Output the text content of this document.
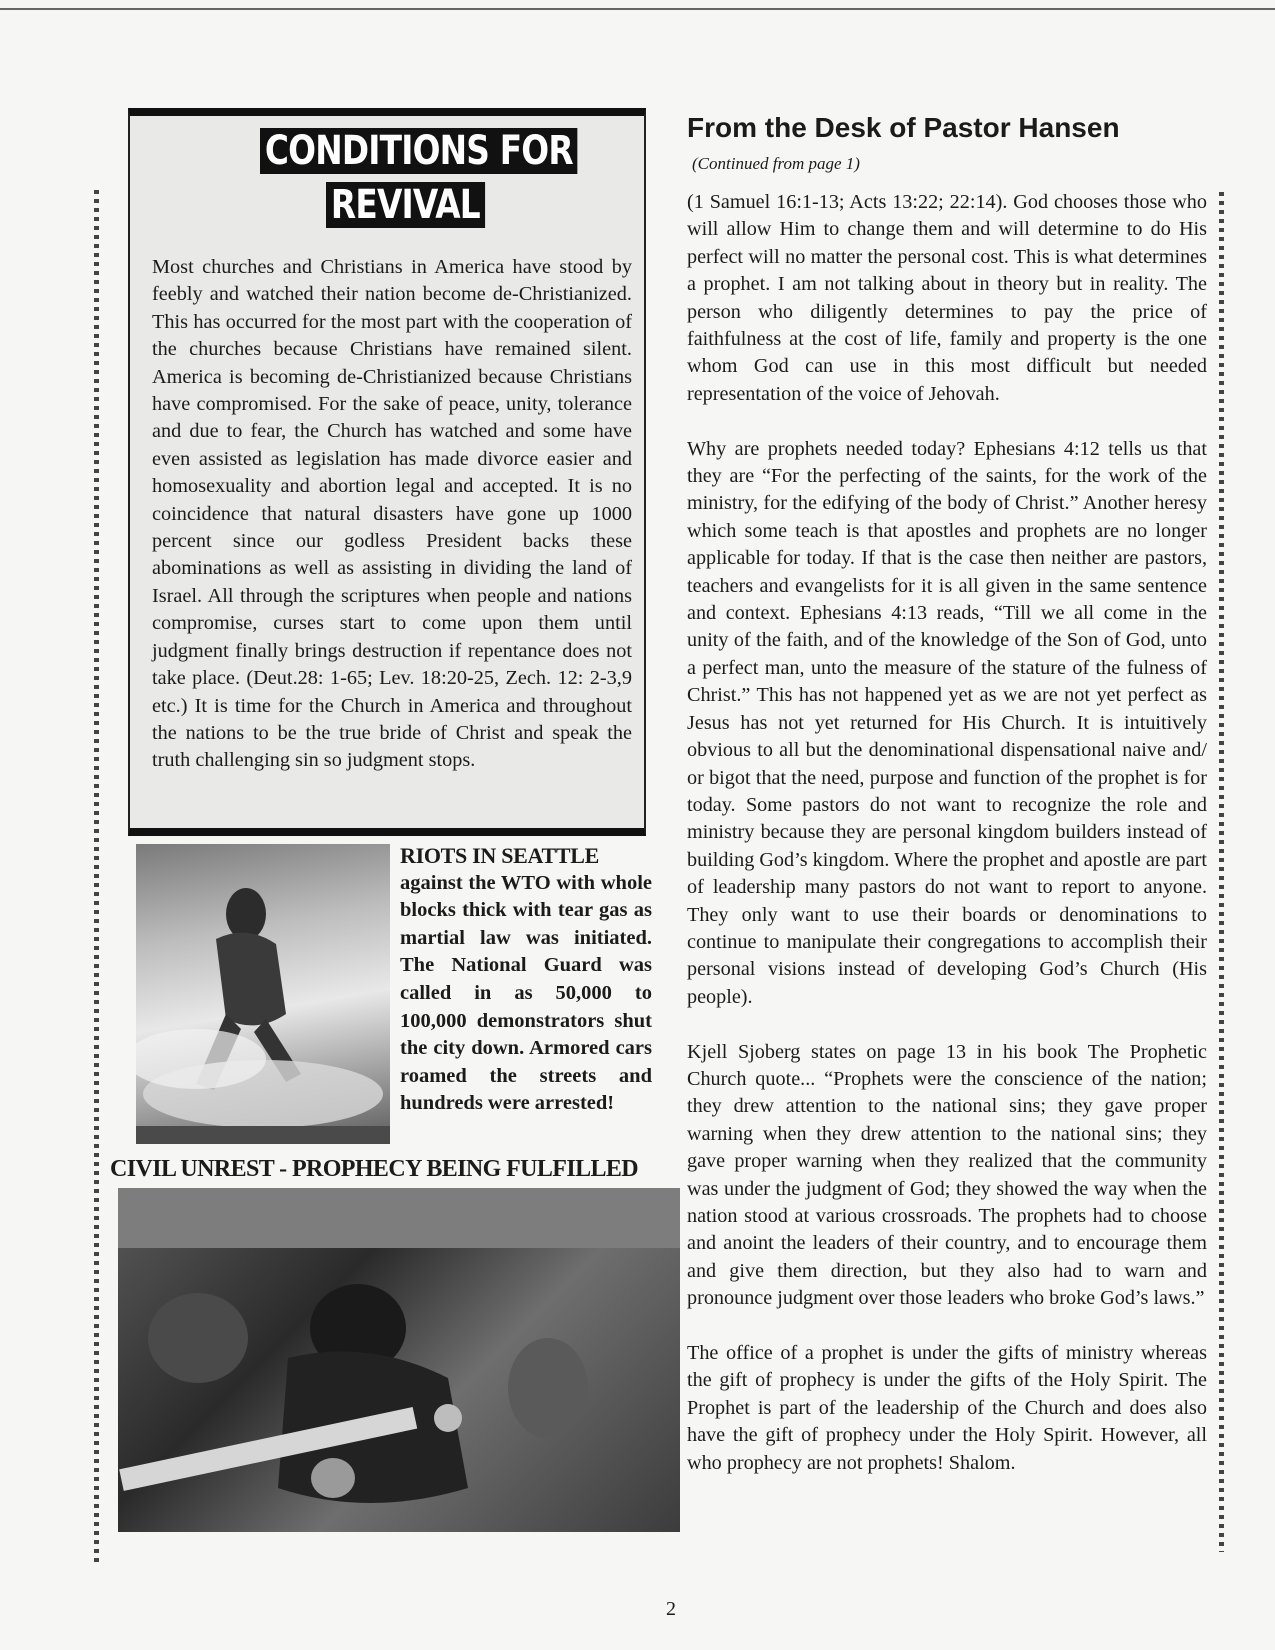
CONDITIONS FOR
REVIVAL

Most churches and Christians in America have stood by feebly and watched their nation become de-Christianized. This has occurred for the most part with the cooperation of the churches because Christians have remained silent. America is becoming de-Christianized because Christians have compromised. For the sake of peace, unity, tolerance and due to fear, the Church has watched and some have even assisted as legislation has made divorce easier and homosexuality and abortion legal and accepted. It is no coincidence that natural disasters have gone up 1000 percent since our godless President backs these abominations as well as assisting in dividing the land of Israel. All through the scriptures when people and nations compromise, curses start to come upon them until judgment finally brings destruction if repentance does not take place. (Deut.28: 1-65; Lev. 18:20-25, Zech. 12: 2-3,9 etc.) It is time for the Church in America and throughout the nations to be the true bride of Christ and speak the truth challenging sin so judgment stops.

RIOTS IN SEATTLE
against the WTO with whole blocks thick with tear gas as martial law was initiated. The National Guard was called in as 50,000 to 100,000 demonstrators shut the city down. Armored cars roamed the streets and hundreds were arrested!

CIVIL UNREST - PROPHECY BEING FULFILLED
From the Desk of Pastor Hansen
(Continued from page 1)

(1 Samuel 16:1-13; Acts 13:22; 22:14). God chooses those who will allow Him to change them and will determine to do His perfect will no matter the personal cost. This is what determines a prophet. I am not talking about in theory but in reality. The person who diligently determines to pay the price of faithfulness at the cost of life, family and property is the one whom God can use in this most difficult but needed representation of the voice of Jehovah.

Why are prophets needed today? Ephesians 4:12 tells us that they are “For the perfecting of the saints, for the work of the ministry, for the edifying of the body of Christ.” Another heresy which some teach is that apostles and prophets are no longer applicable for today. If that is the case then neither are pastors, teachers and evangelists for it is all given in the same sentence and context. Ephesians 4:13 reads, “Till we all come in the unity of the faith, and of the knowledge of the Son of God, unto a perfect man, unto the measure of the stature of the fulness of Christ.” This has not happened yet as we are not yet perfect as Jesus has not yet returned for His Church. It is intuitively obvious to all but the denominational dispensational naive and/ or bigot that the need, purpose and function of the prophet is for today. Some pastors do not want to recognize the role and ministry because they are personal kingdom builders instead of building God’s kingdom. Where the prophet and apostle are part of leadership many pastors do not want to report to anyone. They only want to use their boards or denominations to continue to manipulate their congregations to accomplish their personal visions instead of developing God’s Church (His people).

Kjell Sjoberg states on page 13 in his book The Prophetic Church quote... “Prophets were the conscience of the nation; they drew attention to the national sins; they gave proper warning when they drew attention to the national sins; they gave proper warning when they realized that the community was under the judgment of God; they showed the way when the nation stood at various crossroads. The prophets had to choose and anoint the leaders of their country, and to encourage them and give them direction, but they also had to warn and pronounce judgment over those leaders who broke God’s laws.”

The office of a prophet is under the gifts of ministry whereas the gift of prophecy is under the gifts of the Holy Spirit. The Prophet is part of the leadership of the Church and does also have the gift of prophecy under the Holy Spirit. However, all who prophecy are not prophets! Shalom.

2
